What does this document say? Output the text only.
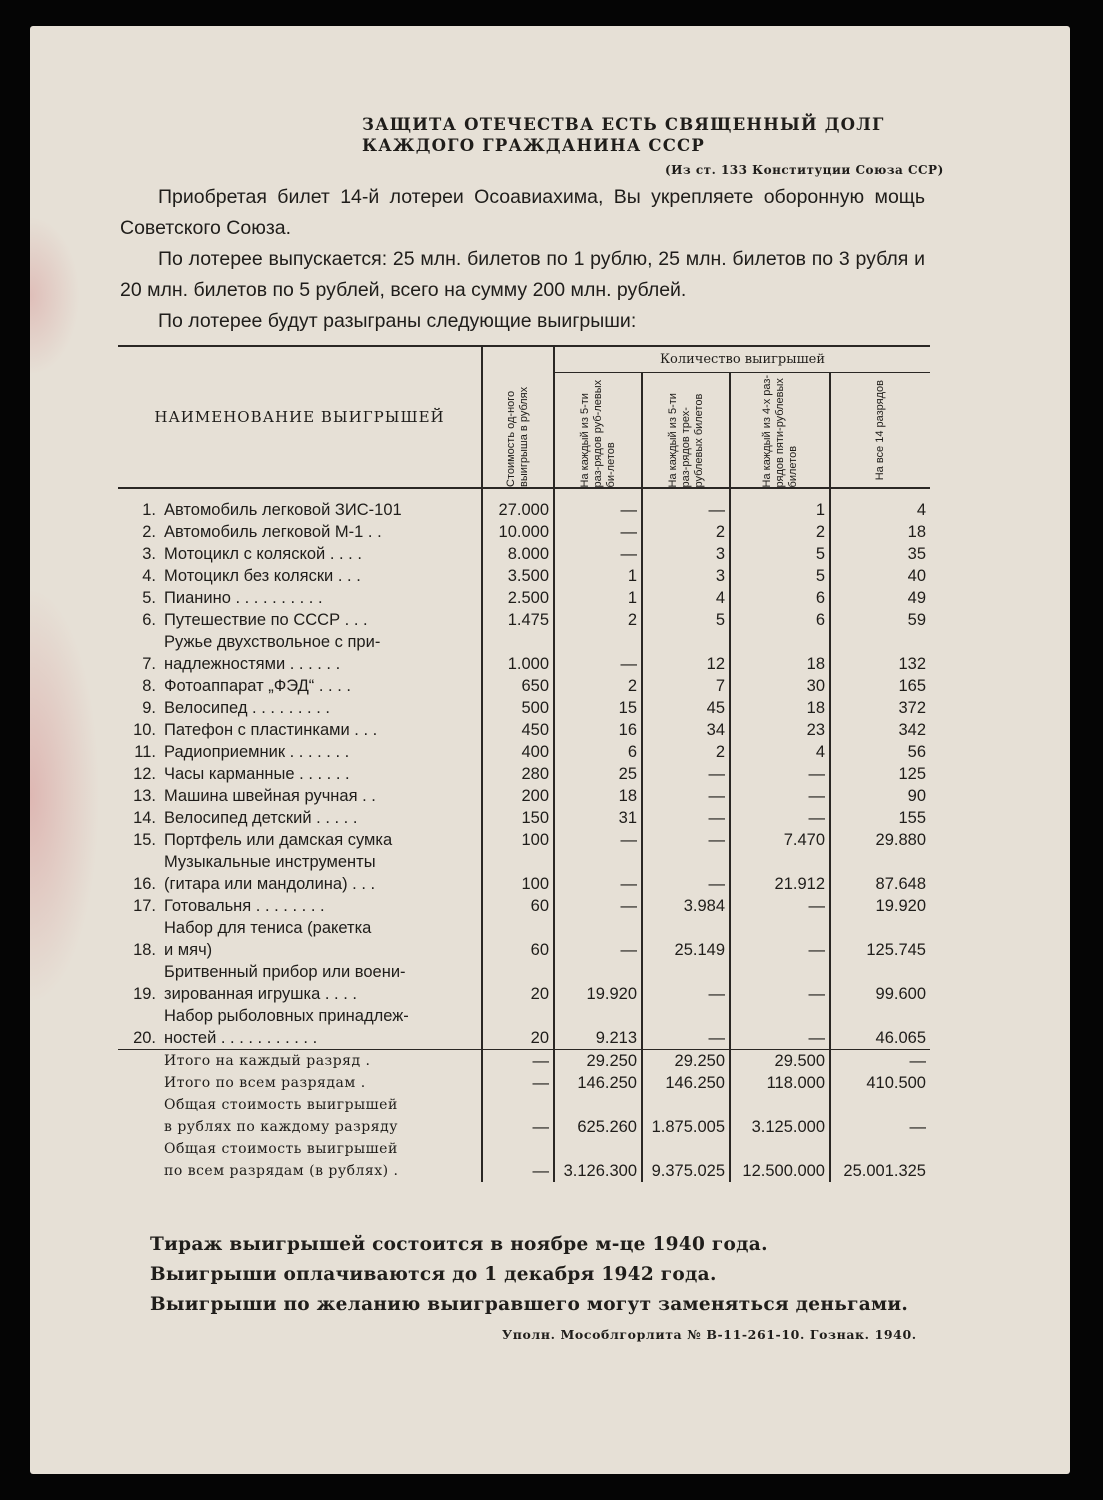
ЗАЩИТА ОТЕЧЕСТВА ЕСТЬ СВЯЩЕННЫЙ ДОЛГ
КАЖДОГО ГРАЖДАНИНА СССР
(Из ст. 133 Конституции Союза ССР)

Приобретая билет 14-й лотереи Осоавиахима, Вы укрепляете оборонную мощь Советского Союза.

По лотерее выпускается: 25 млн. билетов по 1 рублю, 25 млн. билетов по 3 рубля и 20 млн. билетов по 5 рублей, всего на сумму 200 млн. рублей.

По лотерее будут разыграны следующие выигрыши:

НАИМЕНОВАНИЕ ВЫИГРЫШЕЙ		Стоимость од-ного выигрыша в рублях	Количество выигрышей			

			На каждый из 5-ти раз-рядов руб-левых би-летов	На каждый из 5-ти раз-рядов трех-рублевых билетов	На каждый из 4-х раз-рядов пяти-рублевых билетов	На все 14 разрядов

1.	Автомобиль легковой ЗИС-101	27.000	—	—	1	4
2.	Автомобиль легковой М-1 . .	10.000	—	2	2	18
3.	Мотоцикл с коляской . . . .	8.000	—	3	5	35
4.	Мотоцикл без коляски . . .	3.500	1	3	5	40
5.	Пианино . . . . . . . . . .	2.500	1	4	6	49
6.	Путешествие по СССР . . .	1.475	2	5	6	59
7.	Ружье двухствольное с при-
надлежностями . . . . . .	1.000	—	12	18	132
8.	Фотоаппарат „ФЭД“ . . . .	650	2	7	30	165
9.	Велосипед . . . . . . . . .	500	15	45	18	372
10.	Патефон с пластинками . . .	450	16	34	23	342
11.	Радиоприемник . . . . . . .	400	6	2	4	56
12.	Часы карманные . . . . . .	280	25	—	—	125
13.	Машина швейная ручная . .	200	18	—	—	90
14.	Велосипед детский . . . . .	150	31	—	—	155
15.	Портфель или дамская сумка	100	—	—	7.470	29.880
16.	Музыкальные инструменты
(гитара или мандолина) . . .	100	—	—	21.912	87.648
17.	Готовальня . . . . . . . .	60	—	3.984	—	19.920
18.	Набор для тениса (ракетка
и мяч)	60	—	25.149	—	125.745
19.	Бритвенный прибор или воени-
зированная игрушка . . . .	20	19.920	—	—	99.600
20.	Набор рыболовных принадлеж-
ностей . . . . . . . . . . .	20	9.213	—	—	46.065

	Итого на каждый разряд .	—	29.250	29.250	29.500	—

	Итого по всем разрядам .	—	146.250	146.250	118.000	410.500

	Общая стоимость выигрышей
в рублях по каждому разряду	—	625.260	1.875.005	3.125.000	—

	Общая стоимость выигрышей
по всем разрядам (в рублях) .	—	3.126.300	9.375.025	12.500.000	25.001.325

Тираж выигрышей состоится в ноябре м-це 1940 года.

Выигрыши оплачиваются до 1 декабря 1942 года.

Выигрыши по желанию выигравшего могут заменяться деньгами.

Уполн. Мособлгорлита № В-11-261-10. Гознак. 1940.
